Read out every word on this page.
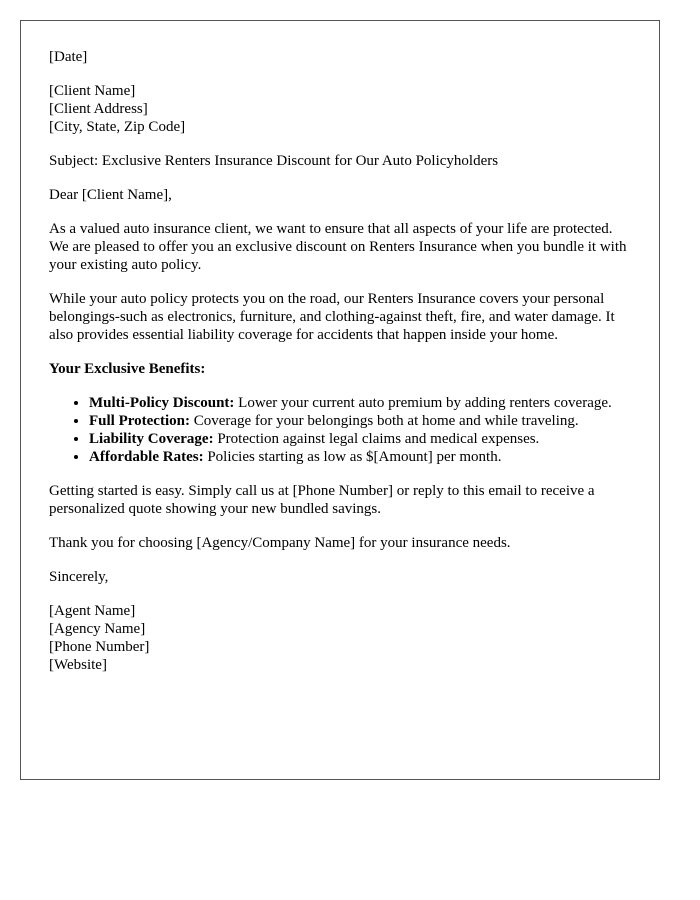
[Date]

[Client Name]
[Client Address]
[City, State, Zip Code]

Subject: Exclusive Renters Insurance Discount for Our Auto Policyholders

Dear [Client Name],

As a valued auto insurance client, we want to ensure that all aspects of your life are protected. We are pleased to offer you an exclusive discount on Renters Insurance when you bundle it with your existing auto policy.

While your auto policy protects you on the road, our Renters Insurance covers your personal belongings-such as electronics, furniture, and clothing-against theft, fire, and water damage. It also provides essential liability coverage for accidents that happen inside your home.

Your Exclusive Benefits:

• Multi-Policy Discount: Lower your current auto premium by adding renters coverage.
• Full Protection: Coverage for your belongings both at home and while traveling.
• Liability Coverage: Protection against legal claims and medical expenses.
• Affordable Rates: Policies starting as low as $[Amount] per month.

Getting started is easy. Simply call us at [Phone Number] or reply to this email to receive a personalized quote showing your new bundled savings.

Thank you for choosing [Agency/Company Name] for your insurance needs.

Sincerely,

[Agent Name]
[Agency Name]
[Phone Number]
[Website]
